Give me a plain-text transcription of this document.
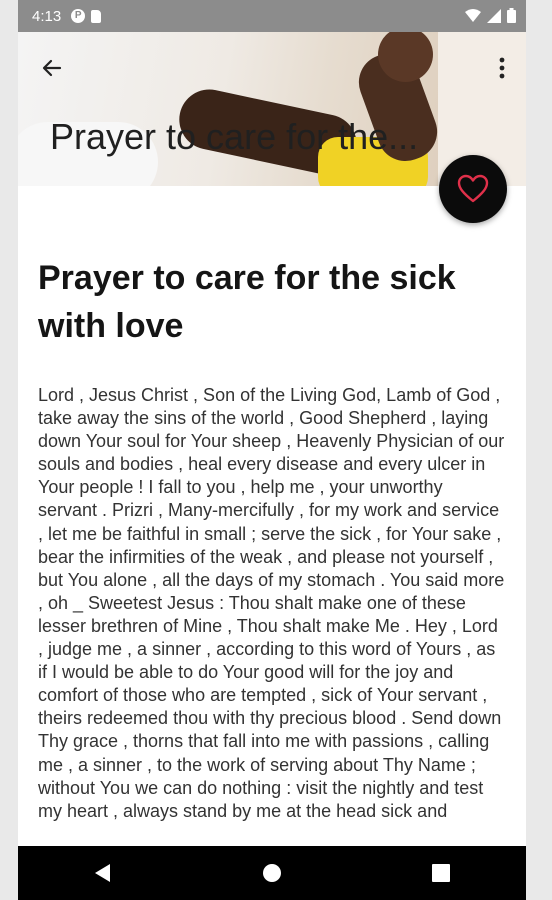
4:13	P
Prayer to care for the...
Prayer to care for the sick with love
Lord , Jesus Christ , Son of the Living God, Lamb of God , take away the sins of the world , Good Shepherd , laying down Your soul for Your sheep , Heavenly Physician of our souls and bodies , heal every disease and every ulcer in Your people ! I fall to you , help me , your unworthy servant . Prizri , Many-mercifully , for my work and service , let me be faithful in small ; serve the sick , for Your sake , bear the infirmities of the weak , and please not yourself , but You alone , all the days of my stomach . You said more , oh _ Sweetest Jesus : Thou shalt make one of these lesser brethren of Mine , Thou shalt make Me . Hey , Lord , judge me , a sinner , according to this word of Yours , as if I would be able to do Your good will for the joy and comfort of those who are tempted , sick of Your servant , theirs redeemed thou with thy precious blood . Send down Thy grace , thorns that fall into me with passions , calling me , a sinner , to the work of serving about Thy Name ; without You we can do nothing : visit the nightly and test my heart , always stand by me at the head sick and
